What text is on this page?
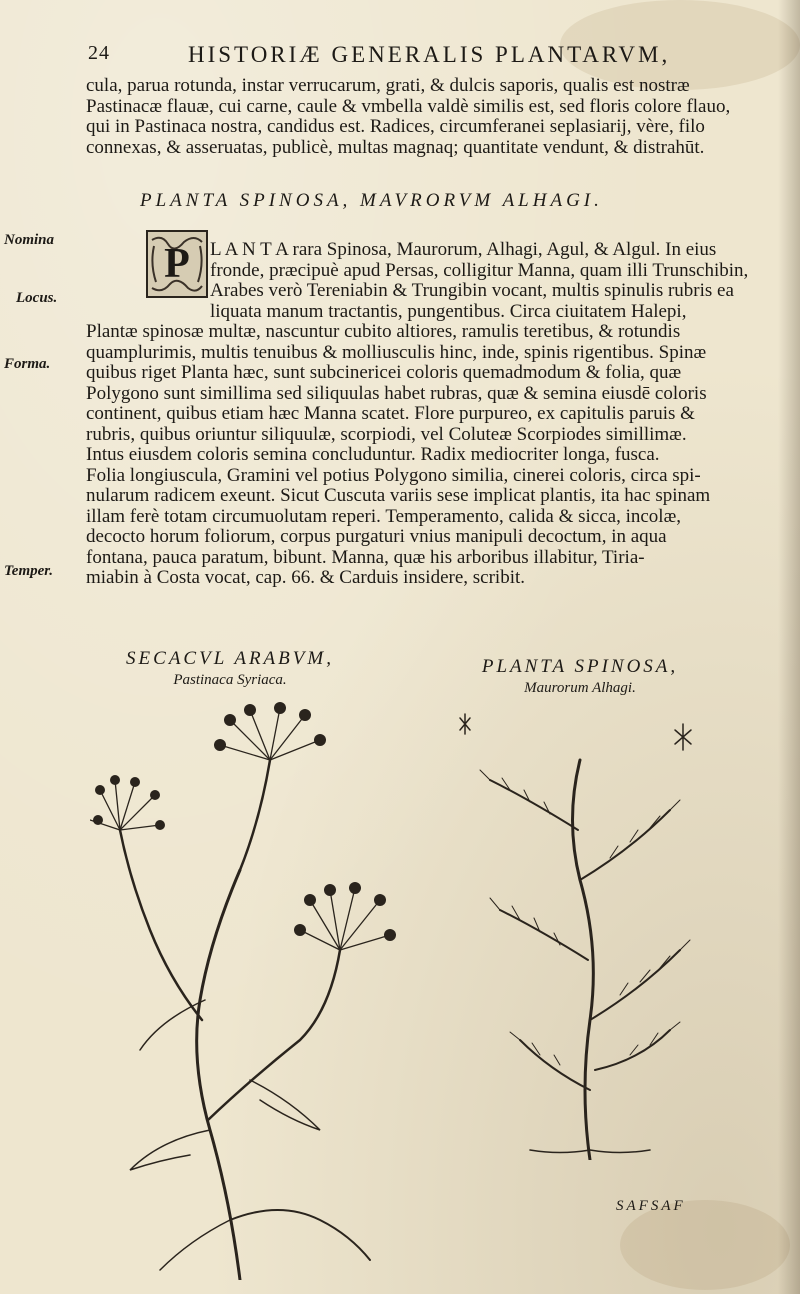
24	HISTORIÆ GENERALIS PLANTARVM,
cula, parua rotunda, instar verrucarum, grati, & dulcis saporis, qualis est nostræ
Pastinacæ flauæ, cui carne, caule & vmbella valdè similis est, sed floris colore flauo,
qui in Pastinaca nostra, candidus est. Radices, circumferanei seplasiarij, vère, filo
connexas, & asseruatas, publicè, multas magnaq; quantitate vendunt, & distrahūt.
PLANTA SPINOSA, MAVRORVM ALHAGI.
Nomina
Locus.
Forma.
Temper.
P L A N T A rara Spinosa, Maurorum, Alhagi, Agul, & Algul. In eius
fronde, præcipuè apud Persas, colligitur Manna, quam illi Trunschibin,
Arabes verò Tereniabin & Trungibin vocant, multis spinulis rubris ea
liquata manum tractantis, pungentibus. Circa ciuitatem Halepi,
Plantæ spinosæ multæ, nascuntur cubito altiores, ramulis teretibus, & rotundis
quamplurimis, multis tenuibus & molliusculis hinc, inde, spinis rigentibus. Spinæ
quibus riget Planta hæc, sunt subcinericei coloris quemadmodum & folia, quæ
Polygono sunt simillima sed siliquulas habet rubras, quæ & semina eiusdē coloris
continent, quibus etiam hæc Manna scatet. Flore purpureo, ex capitulis paruis &
rubris, quibus oriuntur siliquulæ, scorpiodi, vel Coluteæ Scorpiodes simillimæ.
Intus eiusdem coloris semina concluduntur. Radix mediocriter longa, fusca.
Folia longiuscula, Gramini vel potius Polygono similia, cinerei coloris, circa spi-
nularum radicem exeunt. Sicut Cuscuta variis sese implicat plantis, ita hac spinam
illam ferè totam circumuolutam reperi. Temperamento, calida & sicca, incolæ,
decocto horum foliorum, corpus purgaturi vnius manipuli decoctum, in aqua
fontana, pauca paratum, bibunt. Manna, quæ his arboribus illabitur, Tiria-
miabin à Costa vocat, cap. 66. & Carduis insidere, scribit.
SECACVL ARABVM,
Pastinaca Syriaca.
PLANTA SPINOSA,
Maurorum Alhagi.
SAFSAF
